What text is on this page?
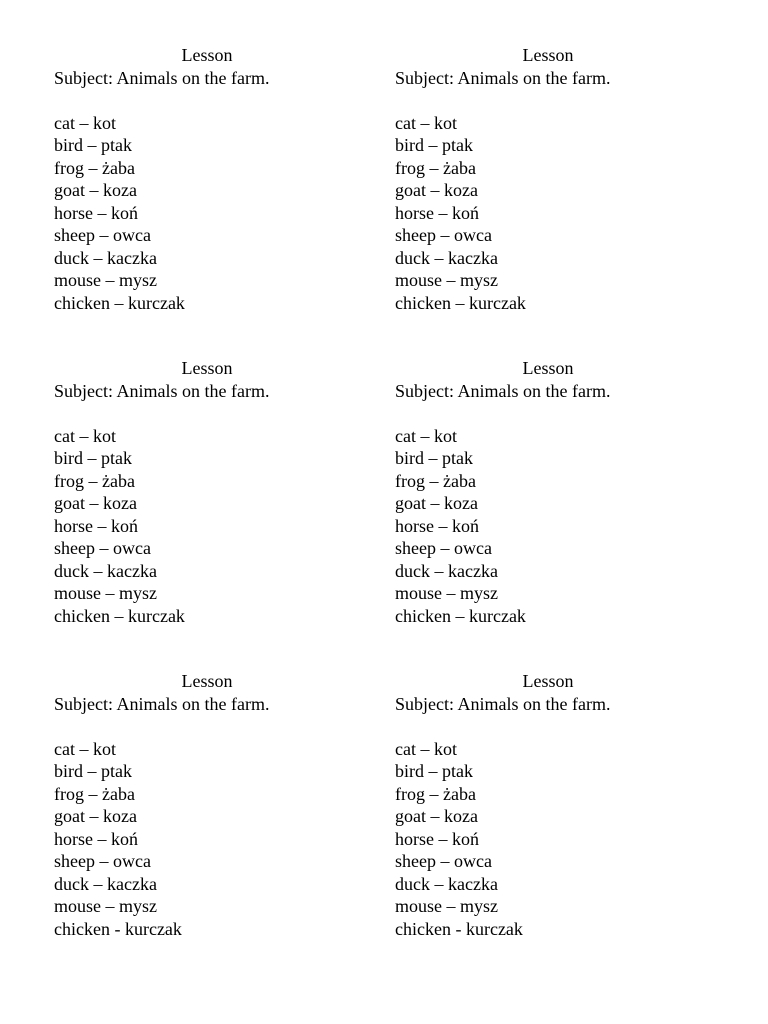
Lesson

Subject: Animals on the farm.

cat – kot
bird – ptak
frog – żaba
goat – koza
horse – koń
sheep – owca
duck – kaczka
mouse – mysz
chicken – kurczak
Lesson

Subject: Animals on the farm.

cat – kot
bird – ptak
frog – żaba
goat – koza
horse – koń
sheep – owca
duck – kaczka
mouse – mysz
chicken – kurczak
Lesson

Subject: Animals on the farm.

cat – kot
bird – ptak
frog – żaba
goat – koza
horse – koń
sheep – owca
duck – kaczka
mouse – mysz
chicken – kurczak
Lesson

Subject: Animals on the farm.

cat – kot
bird – ptak
frog – żaba
goat – koza
horse – koń
sheep – owca
duck – kaczka
mouse – mysz
chicken – kurczak
Lesson

Subject: Animals on the farm.

cat – kot
bird – ptak
frog – żaba
goat – koza
horse – koń
sheep – owca
duck – kaczka
mouse – mysz
chicken - kurczak
Lesson

Subject: Animals on the farm.

cat – kot
bird – ptak
frog – żaba
goat – koza
horse – koń
sheep – owca
duck – kaczka
mouse – mysz
chicken - kurczak
